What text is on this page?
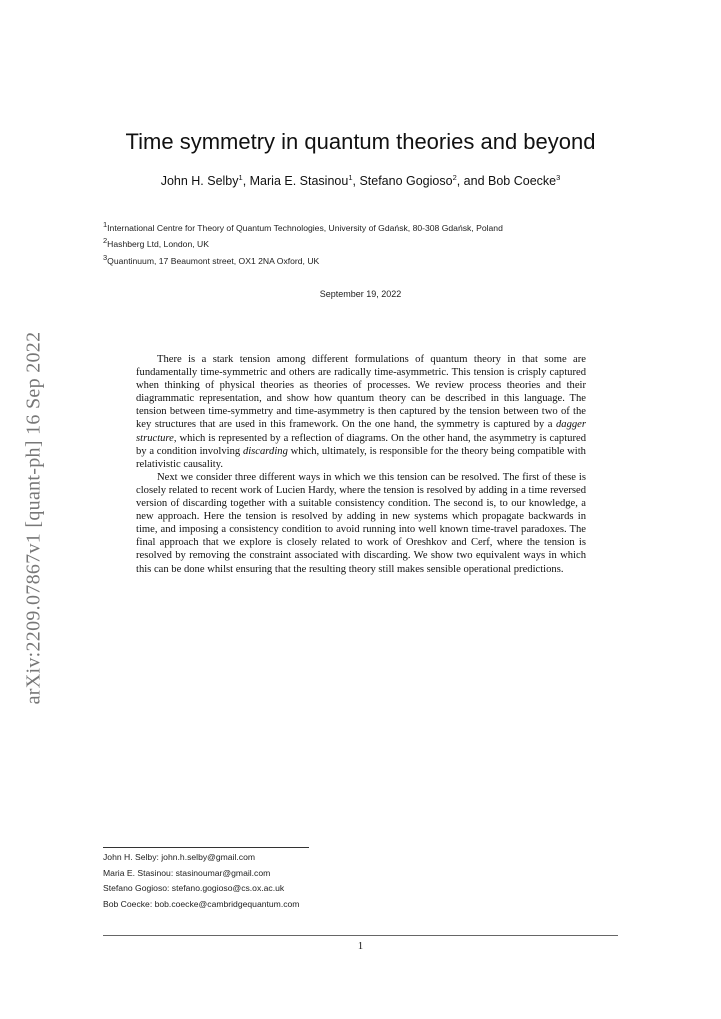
arXiv:2209.07867v1 [quant-ph] 16 Sep 2022
Time symmetry in quantum theories and beyond
John H. Selby$^1$, Maria E. Stasinou$^1$, Stefano Gogioso$^2$, and Bob Coecke$^3$
$^1$International Centre for Theory of Quantum Technologies, University of Gdańsk, 80-308 Gdańsk, Poland
$^2$Hashberg Ltd, London, UK
$^3$Quantinuum, 17 Beaumont street, OX1 2NA Oxford, UK
September 19, 2022

There is a stark tension among different formulations of quantum theory in that some are fundamentally time-symmetric and others are radically time-asymmetric. This tension is crisply captured when thinking of physical theories as theories of processes. We review process theories and their diagrammatic representation, and show how quantum theory can be described in this language. The tension between time-symmetry and time-asymmetry is then captured by the tension between two of the key structures that are used in this framework. On the one hand, the symmetry is captured by a dagger structure, which is represented by a reflection of diagrams. On the other hand, the asymmetry is captured by a condition involving discarding which, ultimately, is responsible for the theory being compatible with relativistic causality.

Next we consider three different ways in which we this tension can be resolved. The first of these is closely related to recent work of Lucien Hardy, where the tension is resolved by adding in a time reversed version of discarding together with a suitable consistency condition. The second is, to our knowledge, a new approach. Here the tension is resolved by adding in new systems which propagate backwards in time, and imposing a consistency condition to avoid running into well known time-travel paradoxes. The final approach that we explore is closely related to work of Oreshkov and Cerf, where the tension is resolved by removing the constraint associated with discarding. We show two equivalent ways in which this can be done whilst ensuring that the resulting theory still makes sensible operational predictions.

John H. Selby: john.h.selby@gmail.com
Maria E. Stasinou: stasinoumar@gmail.com
Stefano Gogioso: stefano.gogioso@cs.ox.ac.uk
Bob Coecke: bob.coecke@cambridgequantum.com
1
